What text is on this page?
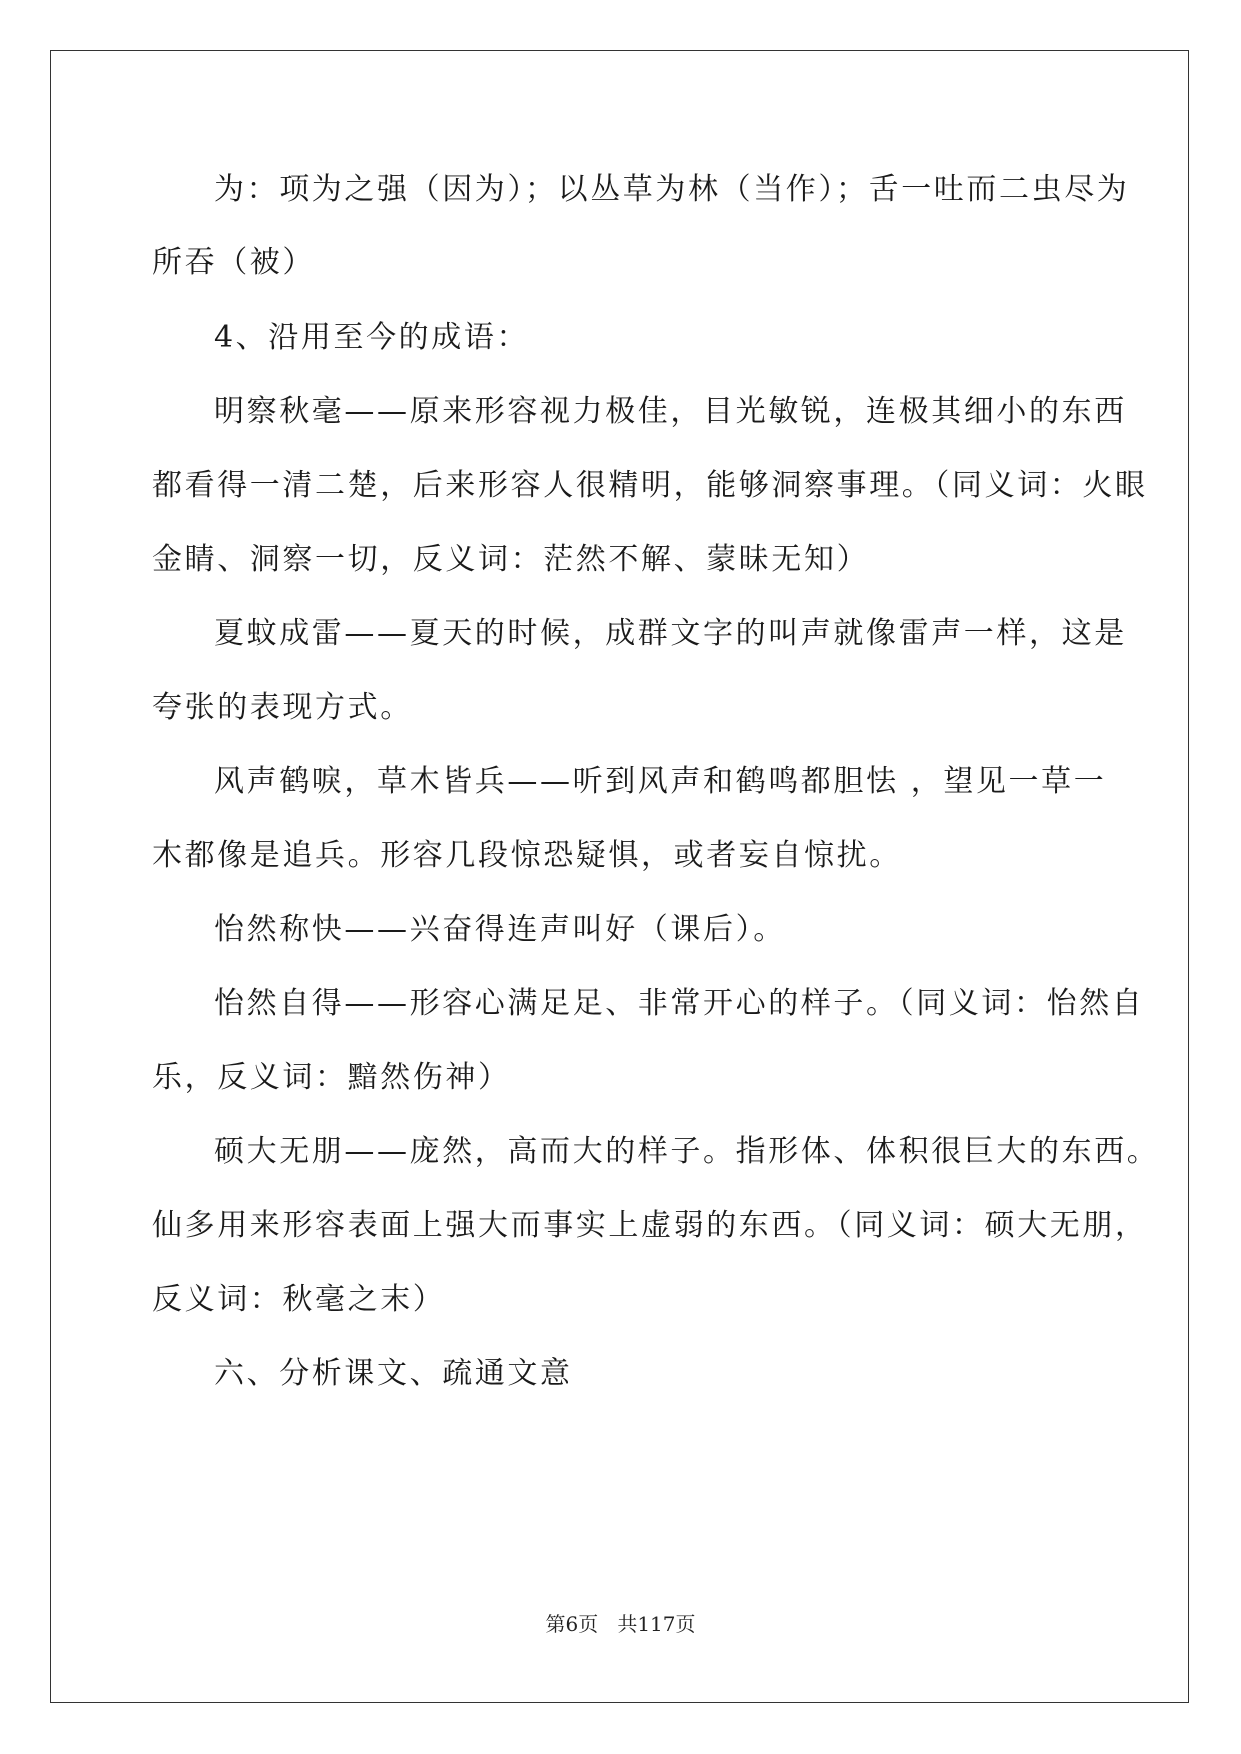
为：项为之强（因为）；以丛草为林（当作）；舌一吐而二虫尽为

所吞（被）

4、沿用至今的成语：

明察秋毫——原来形容视力极佳，目光敏锐，连极其细小的东西

都看得一清二楚，后来形容人很精明，能够洞察事理。（同义词：火眼

金睛、洞察一切，反义词：茫然不解、蒙昧无知）

夏蚊成雷——夏天的时候，成群文字的叫声就像雷声一样，这是

夸张的表现方式。

风声鹤唳，草木皆兵——听到风声和鹤鸣都胆怯 ，望见一草一

木都像是追兵。形容几段惊恐疑惧，或者妄自惊扰。

怡然称快——兴奋得连声叫好（课后）。

怡然自得——形容心满足足、非常开心的样子。（同义词：怡然自

乐，反义词：黯然伤神）

硕大无朋——庞然，高而大的样子。指形体、体积很巨大的东西。

仙多用来形容表面上强大而事实上虚弱的东西。（同义词：硕大无朋，

反义词：秋毫之末）

六、分析课文、疏通文意

第6页 共117页
